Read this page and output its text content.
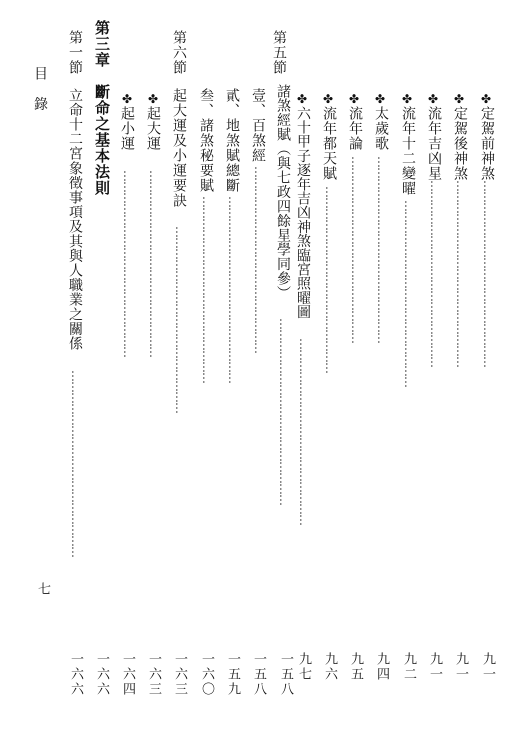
目 錄
七
✤
定駕前神煞
……………………………………………
九一
✤
定駕後神煞
……………………………………………
九一
✤
流年吉凶星
……………………………………………
九一
✤
流年十二變曜
……………………………………………
九二
✤
太歲歌
……………………………………………
九四
✤
流年論
……………………………………………
九五
✤
流年都天賦
……………………………………………
九六
✤
六十甲子逐年吉凶神煞臨宮照曜圖
……………………………………………
九七
第五節
諸煞經賦（與七政四餘星學同參）
……………………………………………
一五八
壹、百煞經
……………………………………………
一五八
貳、地煞賦總斷
……………………………………………
一五九
叁、諸煞秘要賦
……………………………………………
一六〇
第六節
起大運及小運要訣
……………………………………………
一六三
✤
起大運
……………………………………………
一六三
✤
起小運
……………………………………………
一六四
第三章
斷命之基本法則
一六六
第一節
立命十二宮象徵事項及其與人職業之關係
……………………………………………
一六六
